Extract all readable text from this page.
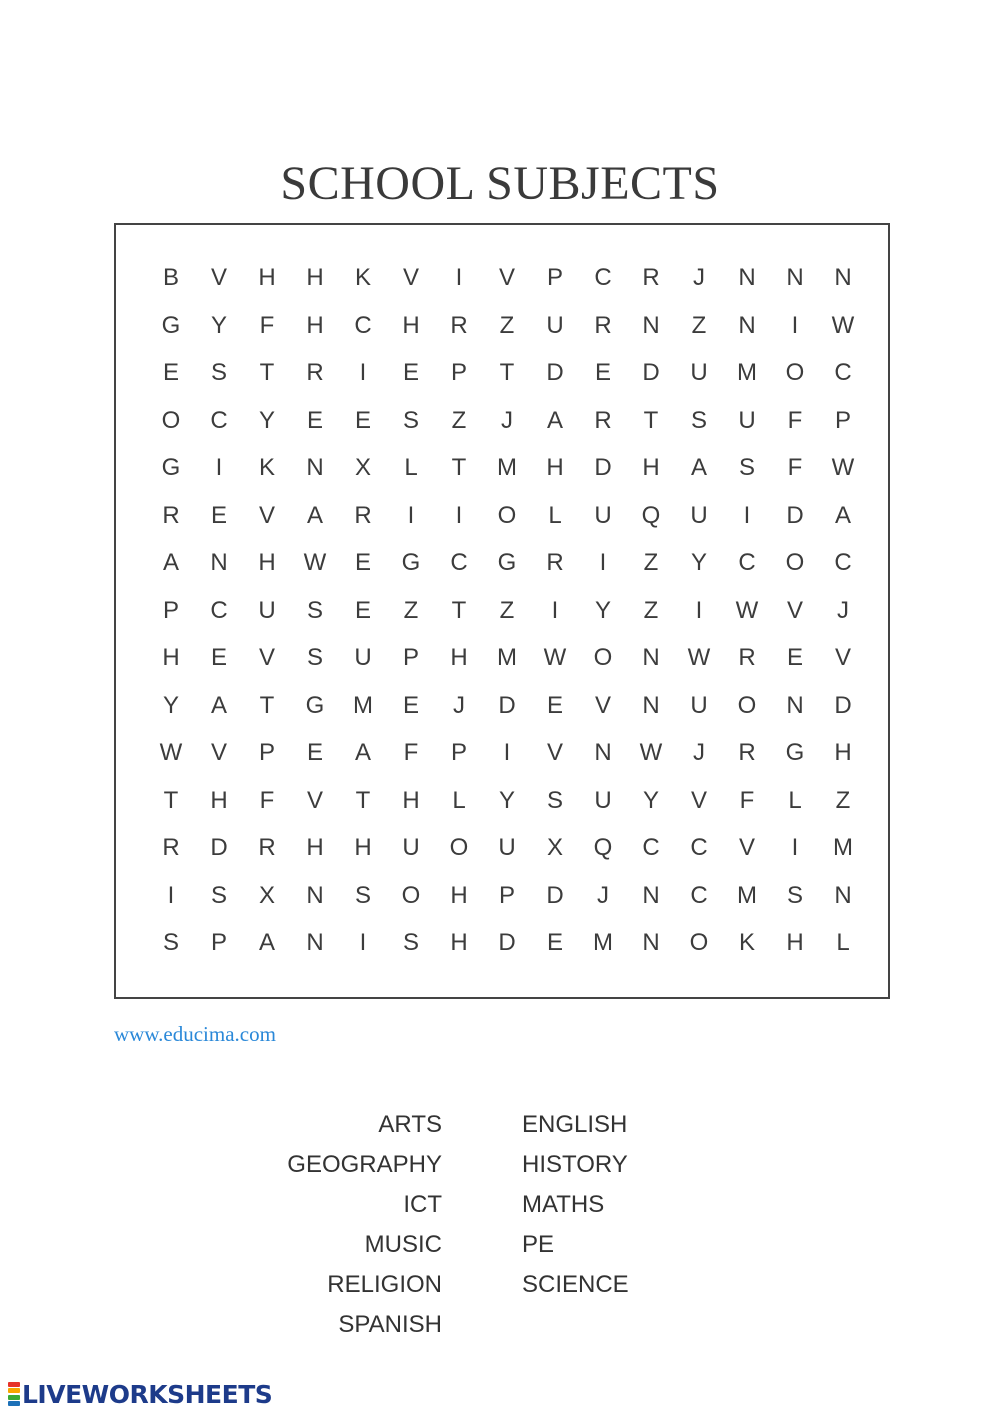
SCHOOL SUBJECTS
B	V	H	H	K	V	I	V	P	C	R	J	N	N	N
G	Y	F	H	C	H	R	Z	U	R	N	Z	N	I	W
E	S	T	R	I	E	P	T	D	E	D	U	M	O	C
O	C	Y	E	E	S	Z	J	A	R	T	S	U	F	P
G	I	K	N	X	L	T	M	H	D	H	A	S	F	W
R	E	V	A	R	I	I	O	L	U	Q	U	I	D	A
A	N	H	W	E	G	C	G	R	I	Z	Y	C	O	C
P	C	U	S	E	Z	T	Z	I	Y	Z	I	W	V	J
H	E	V	S	U	P	H	M	W	O	N	W	R	E	V
Y	A	T	G	M	E	J	D	E	V	N	U	O	N	D
W	V	P	E	A	F	P	I	V	N	W	J	R	G	H
T	H	F	V	T	H	L	Y	S	U	Y	V	F	L	Z
R	D	R	H	H	U	O	U	X	Q	C	C	V	I	M
I	S	X	N	S	O	H	P	D	J	N	C	M	S	N
S	P	A	N	I	S	H	D	E	M	N	O	K	H	L
www.educima.com
ARTS
GEOGRAPHY
ICT
MUSIC
RELIGION
SPANISH
ENGLISH
HISTORY
MATHS
PE
SCIENCE
LIVEWORKSHEETS
